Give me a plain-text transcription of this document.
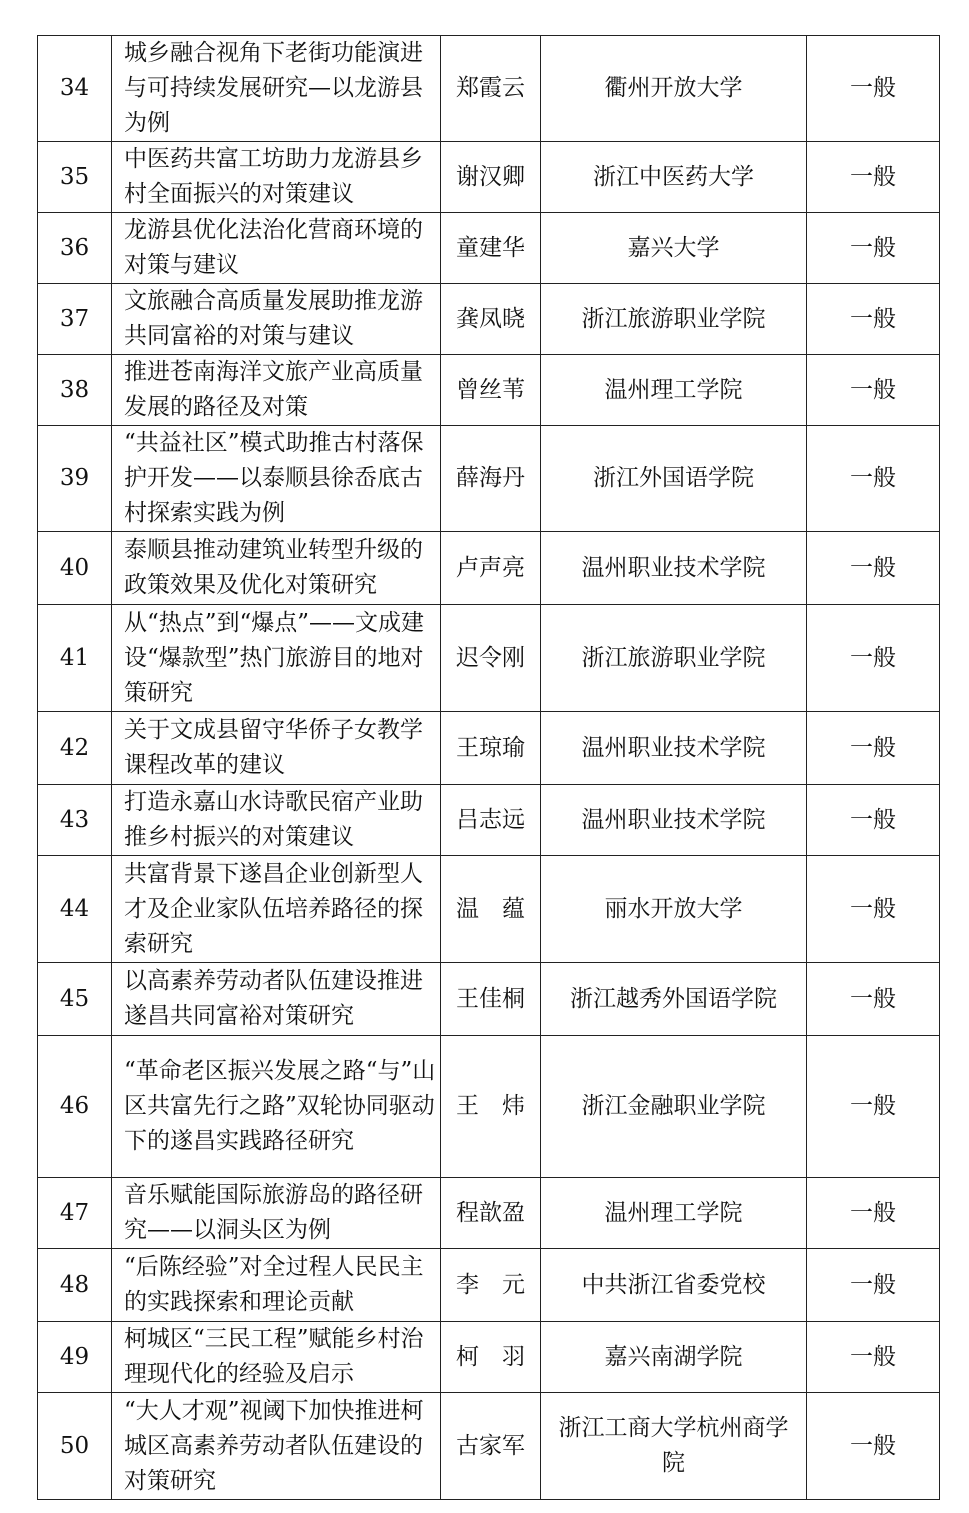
34	城乡融合视角下老街功能演进与可持续发展研究—以龙游县为例	郑霞云	衢州开放大学	一般
35	中医药共富工坊助力龙游县乡村全面振兴的对策建议	谢汉卿	浙江中医药大学	一般
36	龙游县优化法治化营商环境的对策与建议	童建华	嘉兴大学	一般
37	文旅融合高质量发展助推龙游共同富裕的对策与建议	龚凤晓	浙江旅游职业学院	一般
38	推进苍南海洋文旅产业高质量发展的路径及对策	曾丝苇	温州理工学院	一般
39	“共益社区”模式助推古村落保护开发——以泰顺县徐岙底古村探索实践为例	薛海丹	浙江外国语学院	一般
40	泰顺县推动建筑业转型升级的政策效果及优化对策研究	卢声亮	温州职业技术学院	一般
41	从“热点”到“爆点”——文成建设“爆款型”热门旅游目的地对策研究	迟令刚	浙江旅游职业学院	一般
42	关于文成县留守华侨子女教学课程改革的建议	王琼瑜	温州职业技术学院	一般
43	打造永嘉山水诗歌民宿产业助推乡村振兴的对策建议	吕志远	温州职业技术学院	一般
44	共富背景下遂昌企业创新型人才及企业家队伍培养路径的探索研究	温　蕴	丽水开放大学	一般
45	以高素养劳动者队伍建设推进遂昌共同富裕对策研究	王佳桐	浙江越秀外国语学院	一般
46	“革命老区振兴发展之路“与”山区共富先行之路”双轮协同驱动下的遂昌实践路径研究	王　炜	浙江金融职业学院	一般
47	音乐赋能国际旅游岛的路径研究——以洞头区为例	程歆盈	温州理工学院	一般
48	“后陈经验”对全过程人民民主的实践探索和理论贡献	李　元	中共浙江省委党校	一般
49	柯城区“三民工程”赋能乡村治理现代化的经验及启示	柯　羽	嘉兴南湖学院	一般
50	“大人才观”视阈下加快推进柯城区高素养劳动者队伍建设的对策研究	古家军	浙江工商大学杭州商学院	一般
